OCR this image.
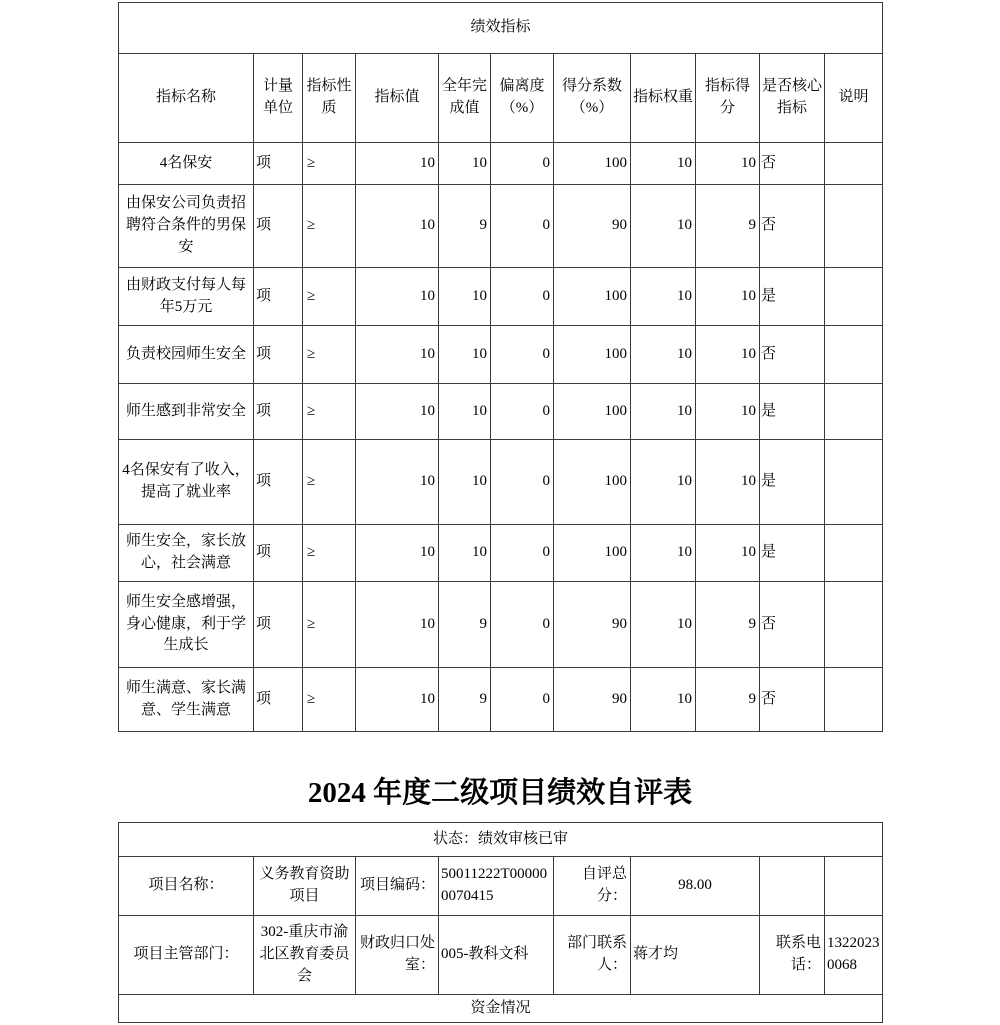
绩效指标										
指标名称	计量单位	指标性质	指标值	全年完成值	偏离度（%）	得分系数（%）	指标权重	指标得分	是否核心指标	说明
4名保安	项	≥	10	10	0	100	10	10	否	
由保安公司负责招聘符合条件的男保安	项	≥	10	9	0	90	10	9	否	
由财政支付每人每年5万元	项	≥	10	10	0	100	10	10	是	
负责校园师生安全	项	≥	10	10	0	100	10	10	否	
师生感到非常安全	项	≥	10	10	0	100	10	10	是	
4名保安有了收入，提高了就业率	项	≥	10	10	0	100	10	10	是	
师生安全，家长放心，社会满意	项	≥	10	10	0	100	10	10	是	
师生安全感增强，身心健康，利于学生成长	项	≥	10	9	0	90	10	9	否	
师生满意、家长满意、学生满意	项	≥	10	9	0	90	10	9	否	
2024 年度二级项目绩效自评表
状态：绩效审核已审							
项目名称：	义务教育资助项目	项目编码：	50011222T000000070415	自评总分：	98.00		
项目主管部门：	302-重庆市渝北区教育委员会	财政归口处室：	005-教科文科	部门联系人：	蒋才均	联系电话：	13220230068
资金情况							
